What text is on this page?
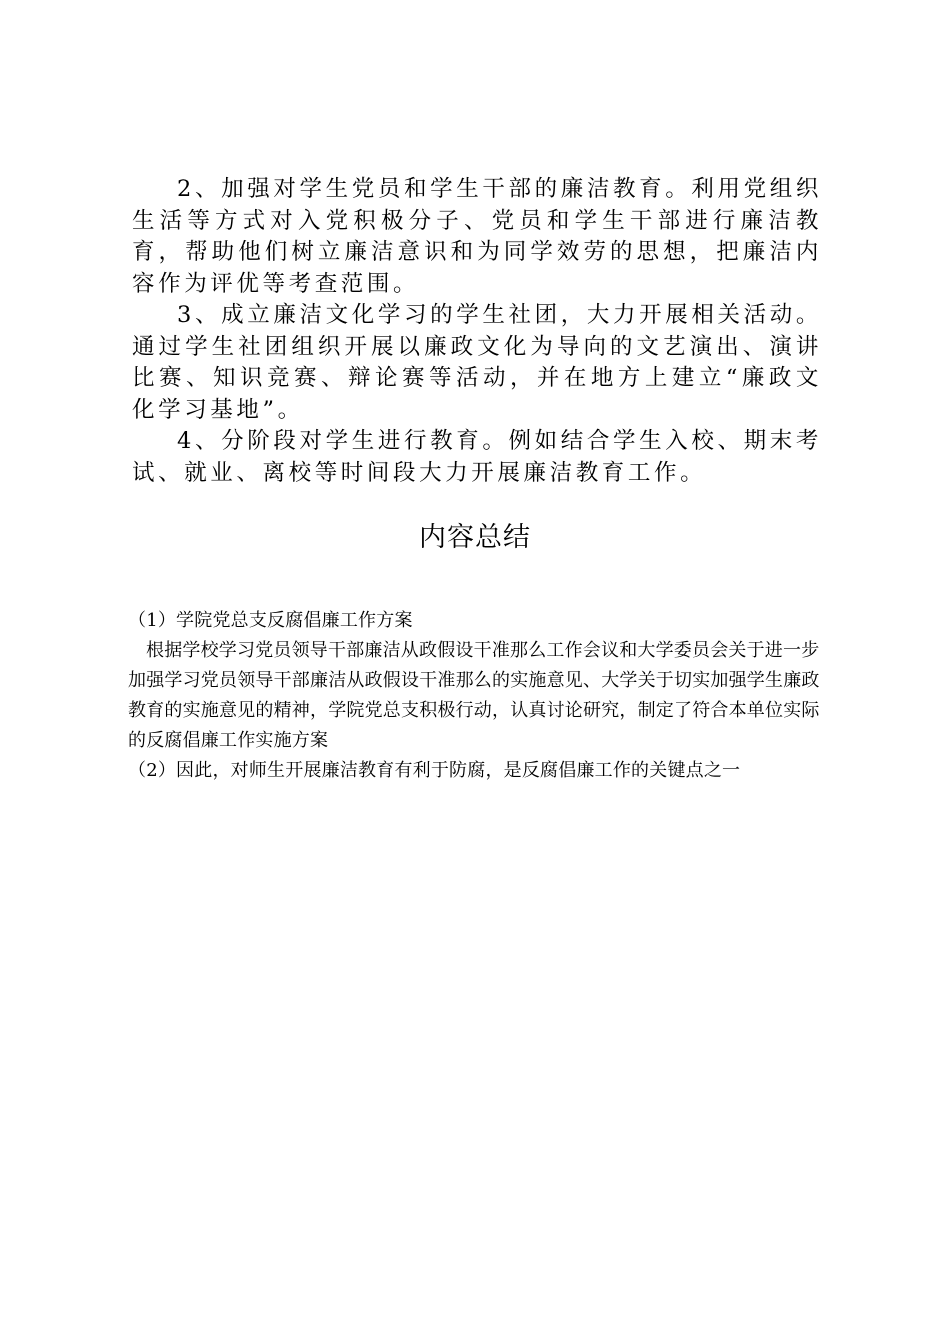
2、加强对学生党员和学生干部的廉洁教育。利用党组织生活等方式对入党积极分子、党员和学生干部进行廉洁教育，帮助他们树立廉洁意识和为同学效劳的思想，把廉洁内容作为评优等考查范围。

3、成立廉洁文化学习的学生社团，大力开展相关活动。通过学生社团组织开展以廉政文化为导向的文艺演出、演讲比赛、知识竞赛、辩论赛等活动，并在地方上建立“廉政文化学习基地”。

4、分阶段对学生进行教育。例如结合学生入校、期末考试、就业、离校等时间段大力开展廉洁教育工作。

内容总结

（1）学院党总支反腐倡廉工作方案

根据学校学习党员领导干部廉洁从政假设干准那么工作会议和大学委员会关于进一步加强学习党员领导干部廉洁从政假设干准那么的实施意见、大学关于切实加强学生廉政教育的实施意见的精神，学院党总支积极行动，认真讨论研究，制定了符合本单位实际的反腐倡廉工作实施方案

（2）因此，对师生开展廉洁教育有利于防腐，是反腐倡廉工作的关键点之一
